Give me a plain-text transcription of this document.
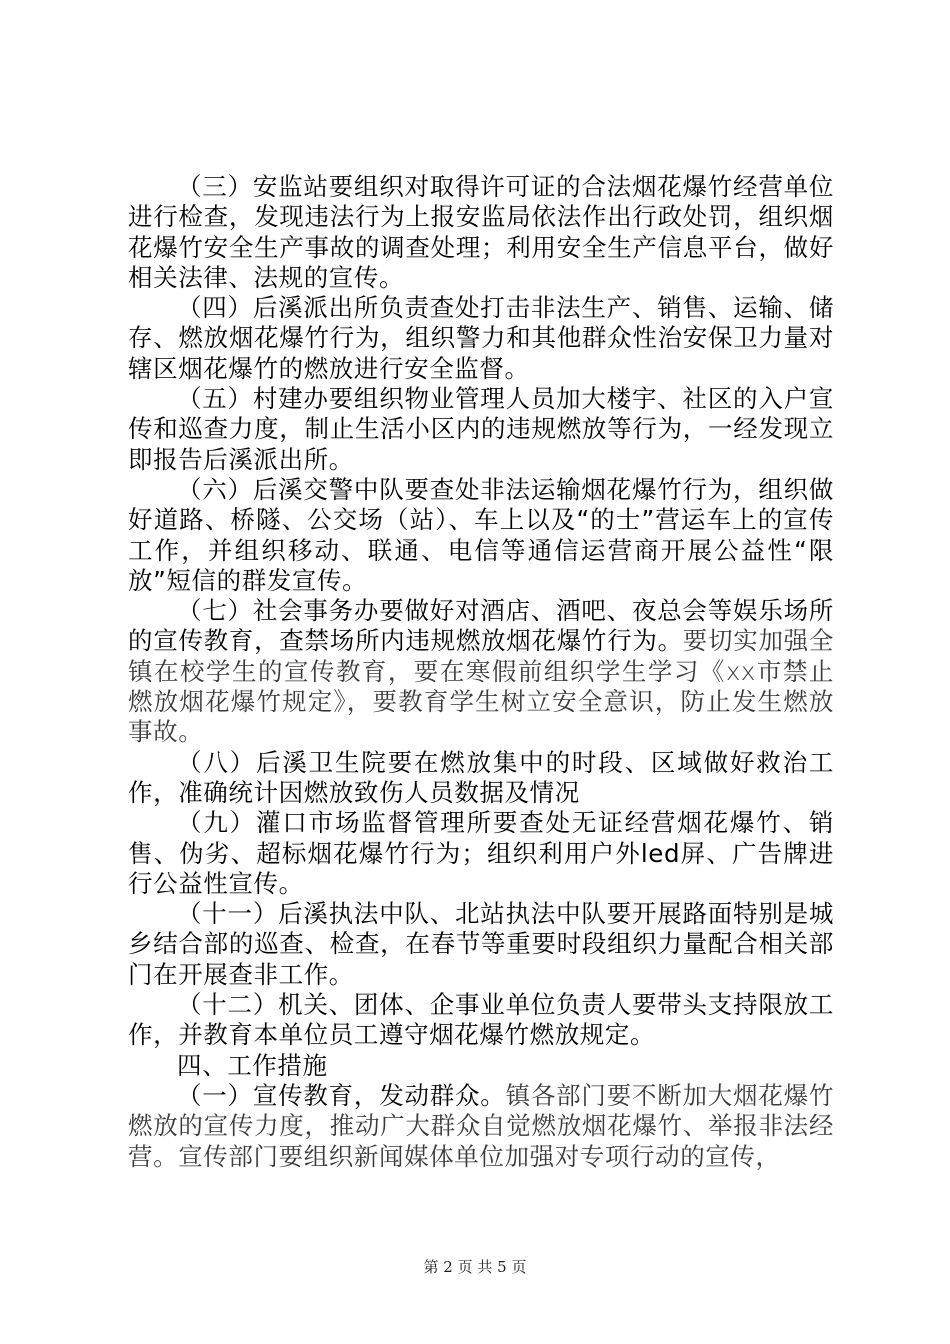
（三）安监站要组织对取得许可证的合法烟花爆竹经营单位进行检查，发现违法行为上报安监局依法作出行政处罚，组织烟花爆竹安全生产事故的调查处理；利用安全生产信息平台，做好相关法律、法规的宣传。

（四）后溪派出所负责查处打击非法生产、销售、运输、储存、燃放烟花爆竹行为，组织警力和其他群众性治安保卫力量对辖区烟花爆竹的燃放进行安全监督。

（五）村建办要组织物业管理人员加大楼宇、社区的入户宣传和巡查力度，制止生活小区内的违规燃放等行为，一经发现立即报告后溪派出所。

（六）后溪交警中队要查处非法运输烟花爆竹行为，组织做好道路、桥隧、公交场（站）、车上以及“的士”营运车上的宣传工作，并组织移动、联通、电信等通信运营商开展公益性“限放”短信的群发宣传。

（七）社会事务办要做好对酒店、酒吧、夜总会等娱乐场所的宣传教育，查禁场所内违规燃放烟花爆竹行为。要切实加强全镇在校学生的宣传教育，要在寒假前组织学生学习《xx市禁止燃放烟花爆竹规定》，要教育学生树立安全意识，防止发生燃放事故。

（八）后溪卫生院要在燃放集中的时段、区域做好救治工作，准确统计因燃放致伤人员数据及情况

（九）灌口市场监督管理所要查处无证经营烟花爆竹、销售、伪劣、超标烟花爆竹行为；组织利用户外led屏、广告牌进行公益性宣传。

（十一）后溪执法中队、北站执法中队要开展路面特别是城乡结合部的巡查、检查，在春节等重要时段组织力量配合相关部门在开展查非工作。

（十二）机关、团体、企事业单位负责人要带头支持限放工作，并教育本单位员工遵守烟花爆竹燃放规定。

四、工作措施

（一）宣传教育，发动群众。镇各部门要不断加大烟花爆竹燃放的宣传力度，推动广大群众自觉燃放烟花爆竹、举报非法经营。宣传部门要组织新闻媒体单位加强对专项行动的宣传，

第 2 页 共 5 页
